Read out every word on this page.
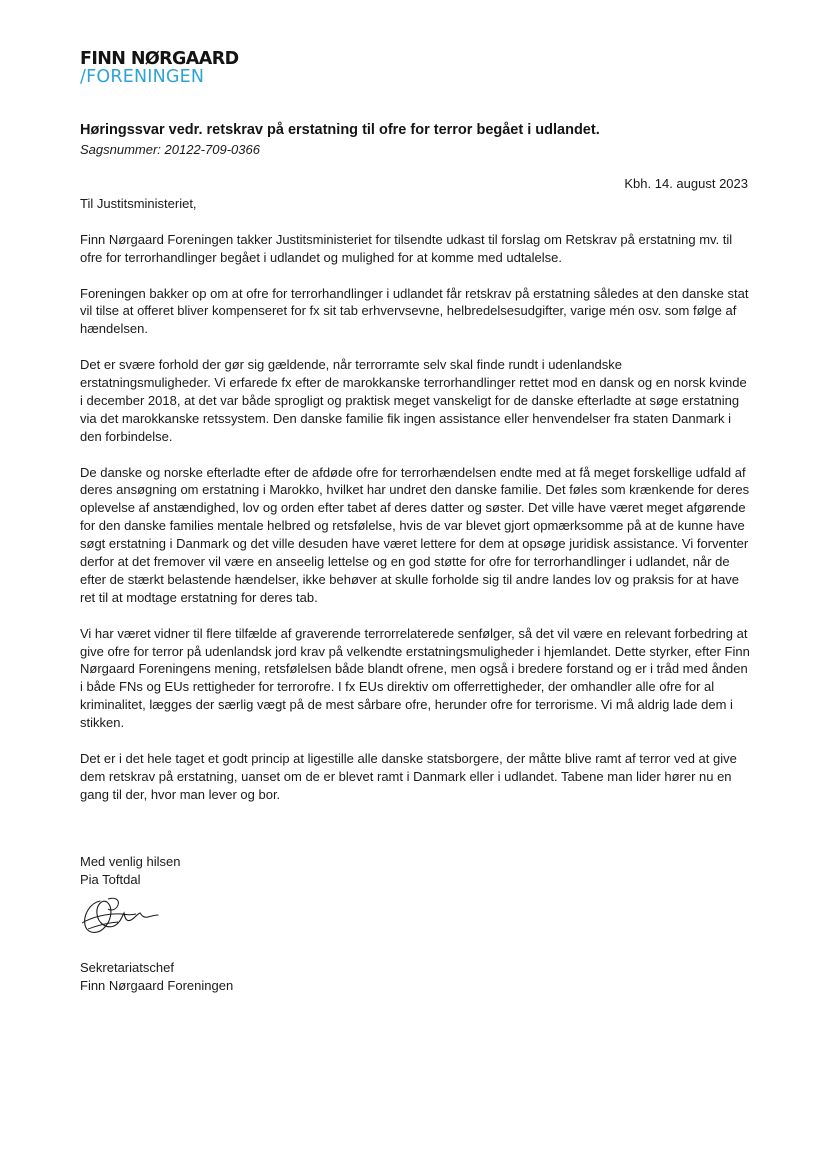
FINN NØRGAARD
/FORENINGEN
Høringssvar vedr. retskrav på erstatning til ofre for terror begået i udlandet.
Sagsnummer: 20122-709-0366
Kbh. 14. august 2023

Til Justitsministeriet,

Finn Nørgaard Foreningen takker Justitsministeriet for tilsendte udkast til forslag om Retskrav på erstatning mv. til ofre for terrorhandlinger begået i udlandet og mulighed for at komme med udtalelse.

Foreningen bakker op om at ofre for terrorhandlinger i udlandet får retskrav på erstatning således at den danske stat vil tilse at offeret bliver kompenseret for fx sit tab erhvervsevne, helbredelsesudgifter, varige mén osv. som følge af hændelsen.

Det er svære forhold der gør sig gældende, når terrorramte selv skal finde rundt i udenlandske erstatningsmuligheder. Vi erfarede fx efter de marokkanske terrorhandlinger rettet mod en dansk og en norsk kvinde i december 2018, at det var både sprogligt og praktisk meget vanskeligt for de danske efterladte at søge erstatning via det marokkanske retssystem. Den danske familie fik ingen assistance eller henvendelser fra staten Danmark i den forbindelse.

De danske og norske efterladte efter de afdøde ofre for terrorhændelsen endte med at få meget forskellige udfald af deres ansøgning om erstatning i Marokko, hvilket har undret den danske familie. Det føles som krænkende for deres oplevelse af anstændighed, lov og orden efter tabet af deres datter og søster. Det ville have været meget afgørende for den danske families mentale helbred og retsfølelse, hvis de var blevet gjort opmærksomme på at de kunne have søgt erstatning i Danmark og det ville desuden have været lettere for dem at opsøge juridisk assistance. Vi forventer derfor at det fremover vil være en anseelig lettelse og en god støtte for ofre for terrorhandlinger i udlandet, når de efter de stærkt belastende hændelser, ikke behøver at skulle forholde sig til andre landes lov og praksis for at have ret til at modtage erstatning for deres tab.

Vi har været vidner til flere tilfælde af graverende terrorrelaterede senfølger, så det vil være en relevant forbedring at give ofre for terror på udenlandsk jord krav på velkendte erstatningsmuligheder i hjemlandet. Dette styrker, efter Finn Nørgaard Foreningens mening, retsfølelsen både blandt ofrene, men også i bredere forstand og er i tråd med ånden i både FNs og EUs rettigheder for terrorofre. I fx EUs direktiv om offerrettigheder, der omhandler alle ofre for al kriminalitet, lægges der særlig vægt på de mest sårbare ofre, herunder ofre for terrorisme. Vi må aldrig lade dem i stikken.

Det er i det hele taget et godt princip at ligestille alle danske statsborgere, der måtte blive ramt af terror ved at give dem retskrav på erstatning, uanset om de er blevet ramt i Danmark eller i udlandet. Tabene man lider hører nu en gang til der, hvor man lever og bor.

Med venlig hilsen
Pia Toftdal
Sekretariatschef
Finn Nørgaard Foreningen
